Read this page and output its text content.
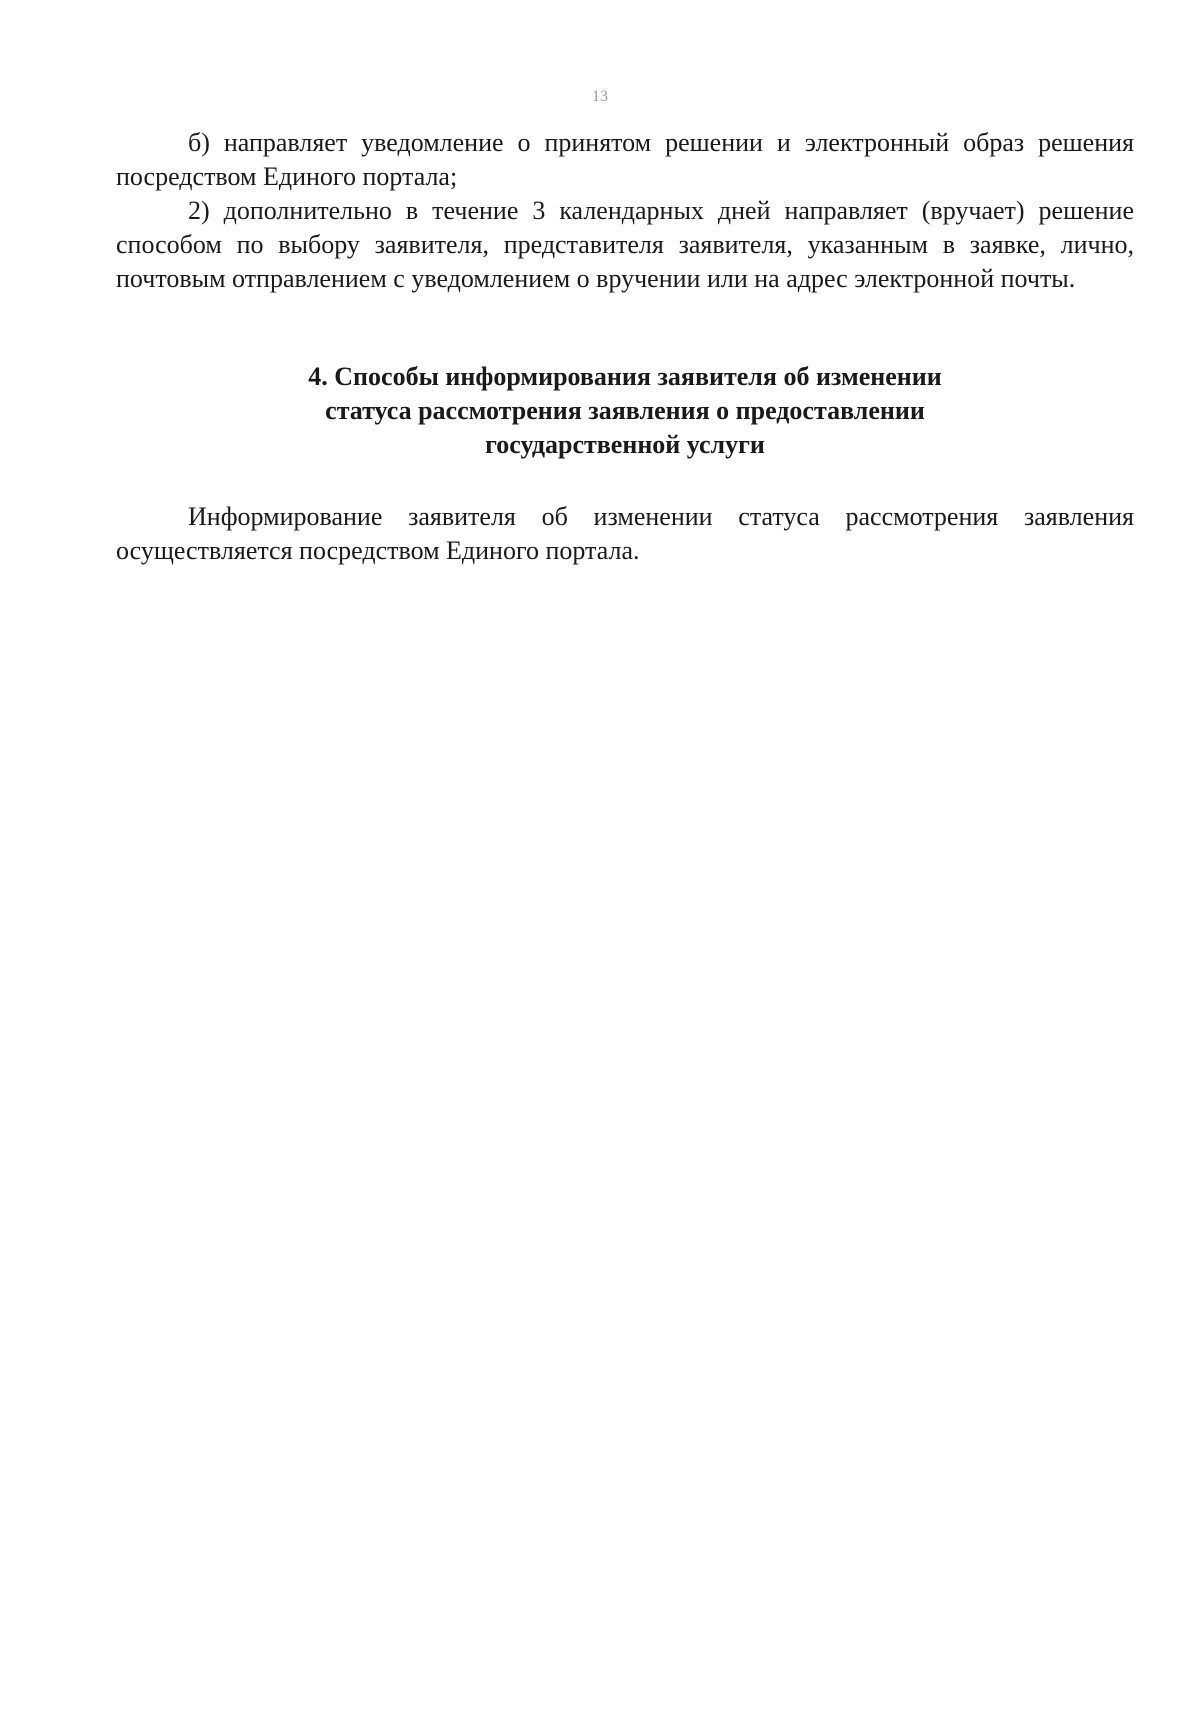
13

б) направляет уведомление о принятом решении и электронный образ решения посредством Единого портала;

2) дополнительно в течение 3 календарных дней направляет (вручает) решение способом по выбору заявителя, представителя заявителя, указанным в заявке, лично, почтовым отправлением с уведомлением о вручении или на адрес электронной почты.

4. Способы информирования заявителя об изменении
статуса рассмотрения заявления о предоставлении
государственной услуги

Информирование заявителя об изменении статуса рассмотрения заявления осуществляется посредством Единого портала.
